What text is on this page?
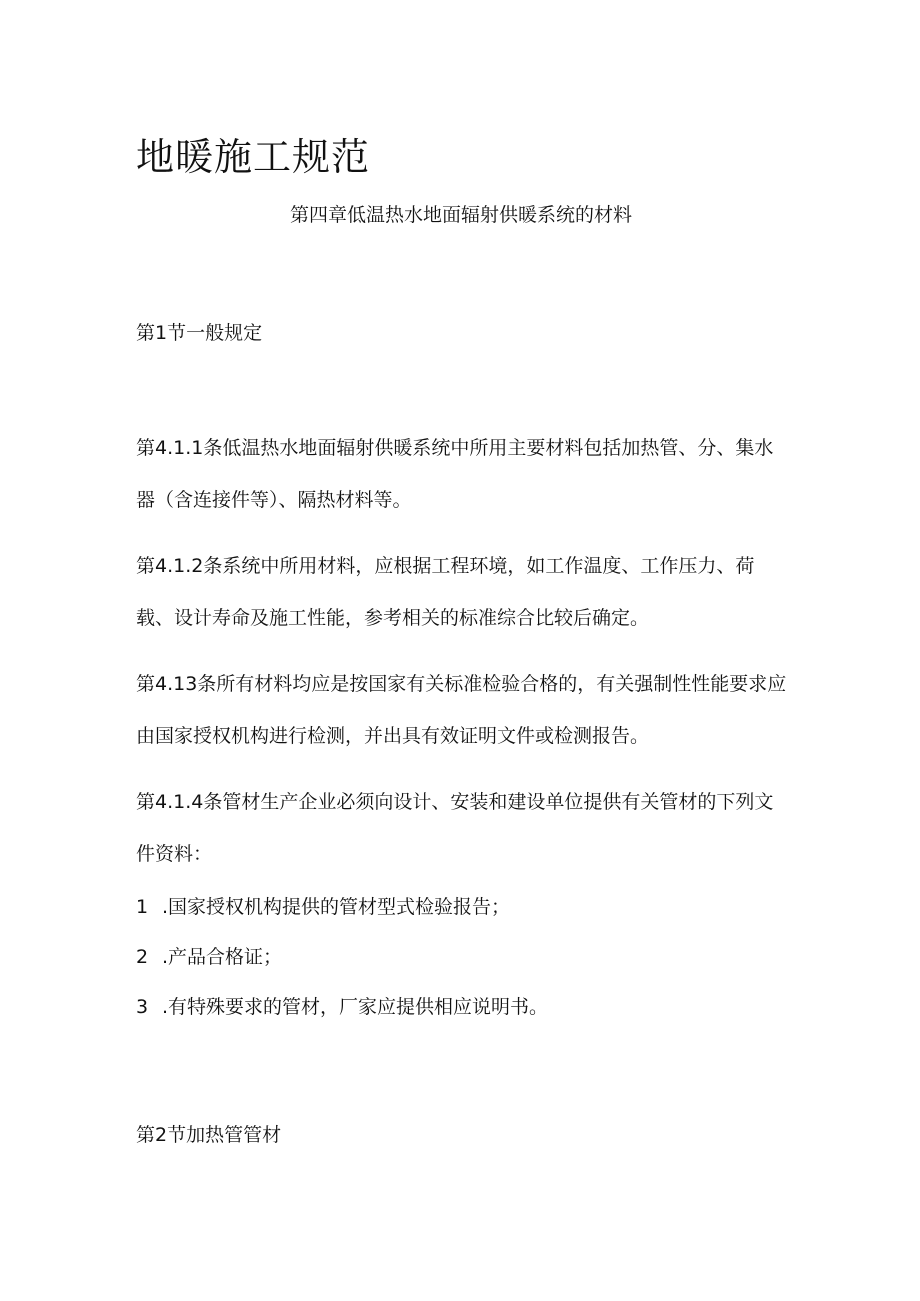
地暖施工规范
第四章低温热水地面辐射供暖系统的材料
第1节一般规定

第4.1.1条低温热水地面辐射供暖系统中所用主要材料包括加热管、分、集水器（含连接件等）、隔热材料等。

第4.1.2条系统中所用材料，应根据工程环境，如工作温度、工作压力、荷载、设计寿命及施工性能，参考相关的标准综合比较后确定。

第4.13条所有材料均应是按国家有关标准检验合格的，有关强制性性能要求应由国家授权机构进行检测，并出具有效证明文件或检测报告。

第4.1.4条管材生产企业必须向设计、安装和建设单位提供有关管材的下列文件资料：

1 .国家授权机构提供的管材型式检验报告；
2 .产品合格证；
3 .有特殊要求的管材，厂家应提供相应说明书。
第2节加热管管材
